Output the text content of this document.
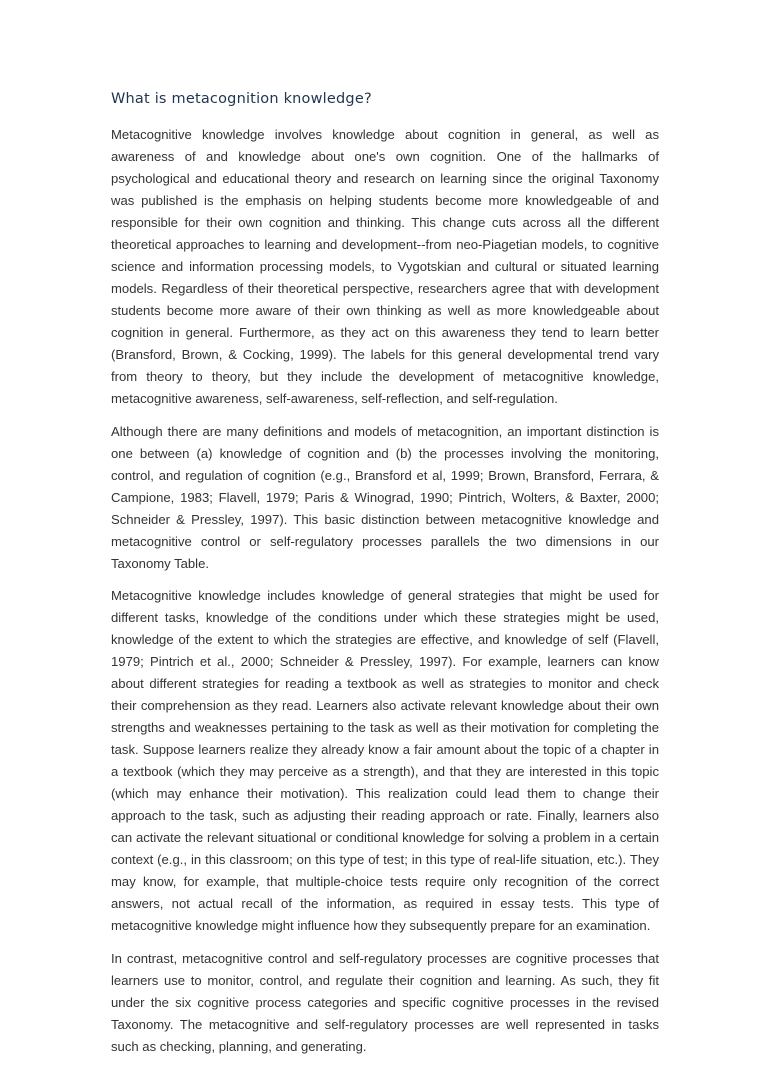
What is metacognition knowledge?

Metacognitive knowledge involves knowledge about cognition in general, as well as awareness of and knowledge about one's own cognition. One of the hallmarks of psychological and educational theory and research on learning since the original Taxonomy was published is the emphasis on helping students become more knowledgeable of and responsible for their own cognition and thinking. This change cuts across all the different theoretical approaches to learning and development--from neo-Piagetian models, to cognitive science and information processing models, to Vygotskian and cultural or situated learning models. Regardless of their theoretical perspective, researchers agree that with development students become more aware of their own thinking as well as more knowledgeable about cognition in general. Furthermore, as they act on this awareness they tend to learn better (Bransford, Brown, & Cocking, 1999). The labels for this general developmental trend vary from theory to theory, but they include the development of metacognitive knowledge, metacognitive awareness, self-awareness, self-reflection, and self-regulation.

Although there are many definitions and models of metacognition, an important distinction is one between (a) knowledge of cognition and (b) the processes involving the monitoring, control, and regulation of cognition (e.g., Bransford et al, 1999; Brown, Bransford, Ferrara, & Campione, 1983; Flavell, 1979; Paris & Winograd, 1990; Pintrich, Wolters, & Baxter, 2000; Schneider & Pressley, 1997). This basic distinction between metacognitive knowledge and metacognitive control or self-regulatory processes parallels the two dimensions in our Taxonomy Table.

Metacognitive knowledge includes knowledge of general strategies that might be used for different tasks, knowledge of the conditions under which these strategies might be used, knowledge of the extent to which the strategies are effective, and knowledge of self (Flavell, 1979; Pintrich et al., 2000; Schneider & Pressley, 1997). For example, learners can know about different strategies for reading a textbook as well as strategies to monitor and check their comprehension as they read. Learners also activate relevant knowledge about their own strengths and weaknesses pertaining to the task as well as their motivation for completing the task. Suppose learners realize they already know a fair amount about the topic of a chapter in a textbook (which they may perceive as a strength), and that they are interested in this topic (which may enhance their motivation). This realization could lead them to change their approach to the task, such as adjusting their reading approach or rate. Finally, learners also can activate the relevant situational or conditional knowledge for solving a problem in a certain context (e.g., in this classroom; on this type of test; in this type of real-life situation, etc.). They may know, for example, that multiple-choice tests require only recognition of the correct answers, not actual recall of the information, as required in essay tests. This type of metacognitive knowledge might influence how they subsequently prepare for an examination.

In contrast, metacognitive control and self-regulatory processes are cognitive processes that learners use to monitor, control, and regulate their cognition and learning. As such, they fit under the six cognitive process categories and specific cognitive processes in the revised Taxonomy. The metacognitive and self-regulatory processes are well represented in tasks such as checking, planning, and generating.
